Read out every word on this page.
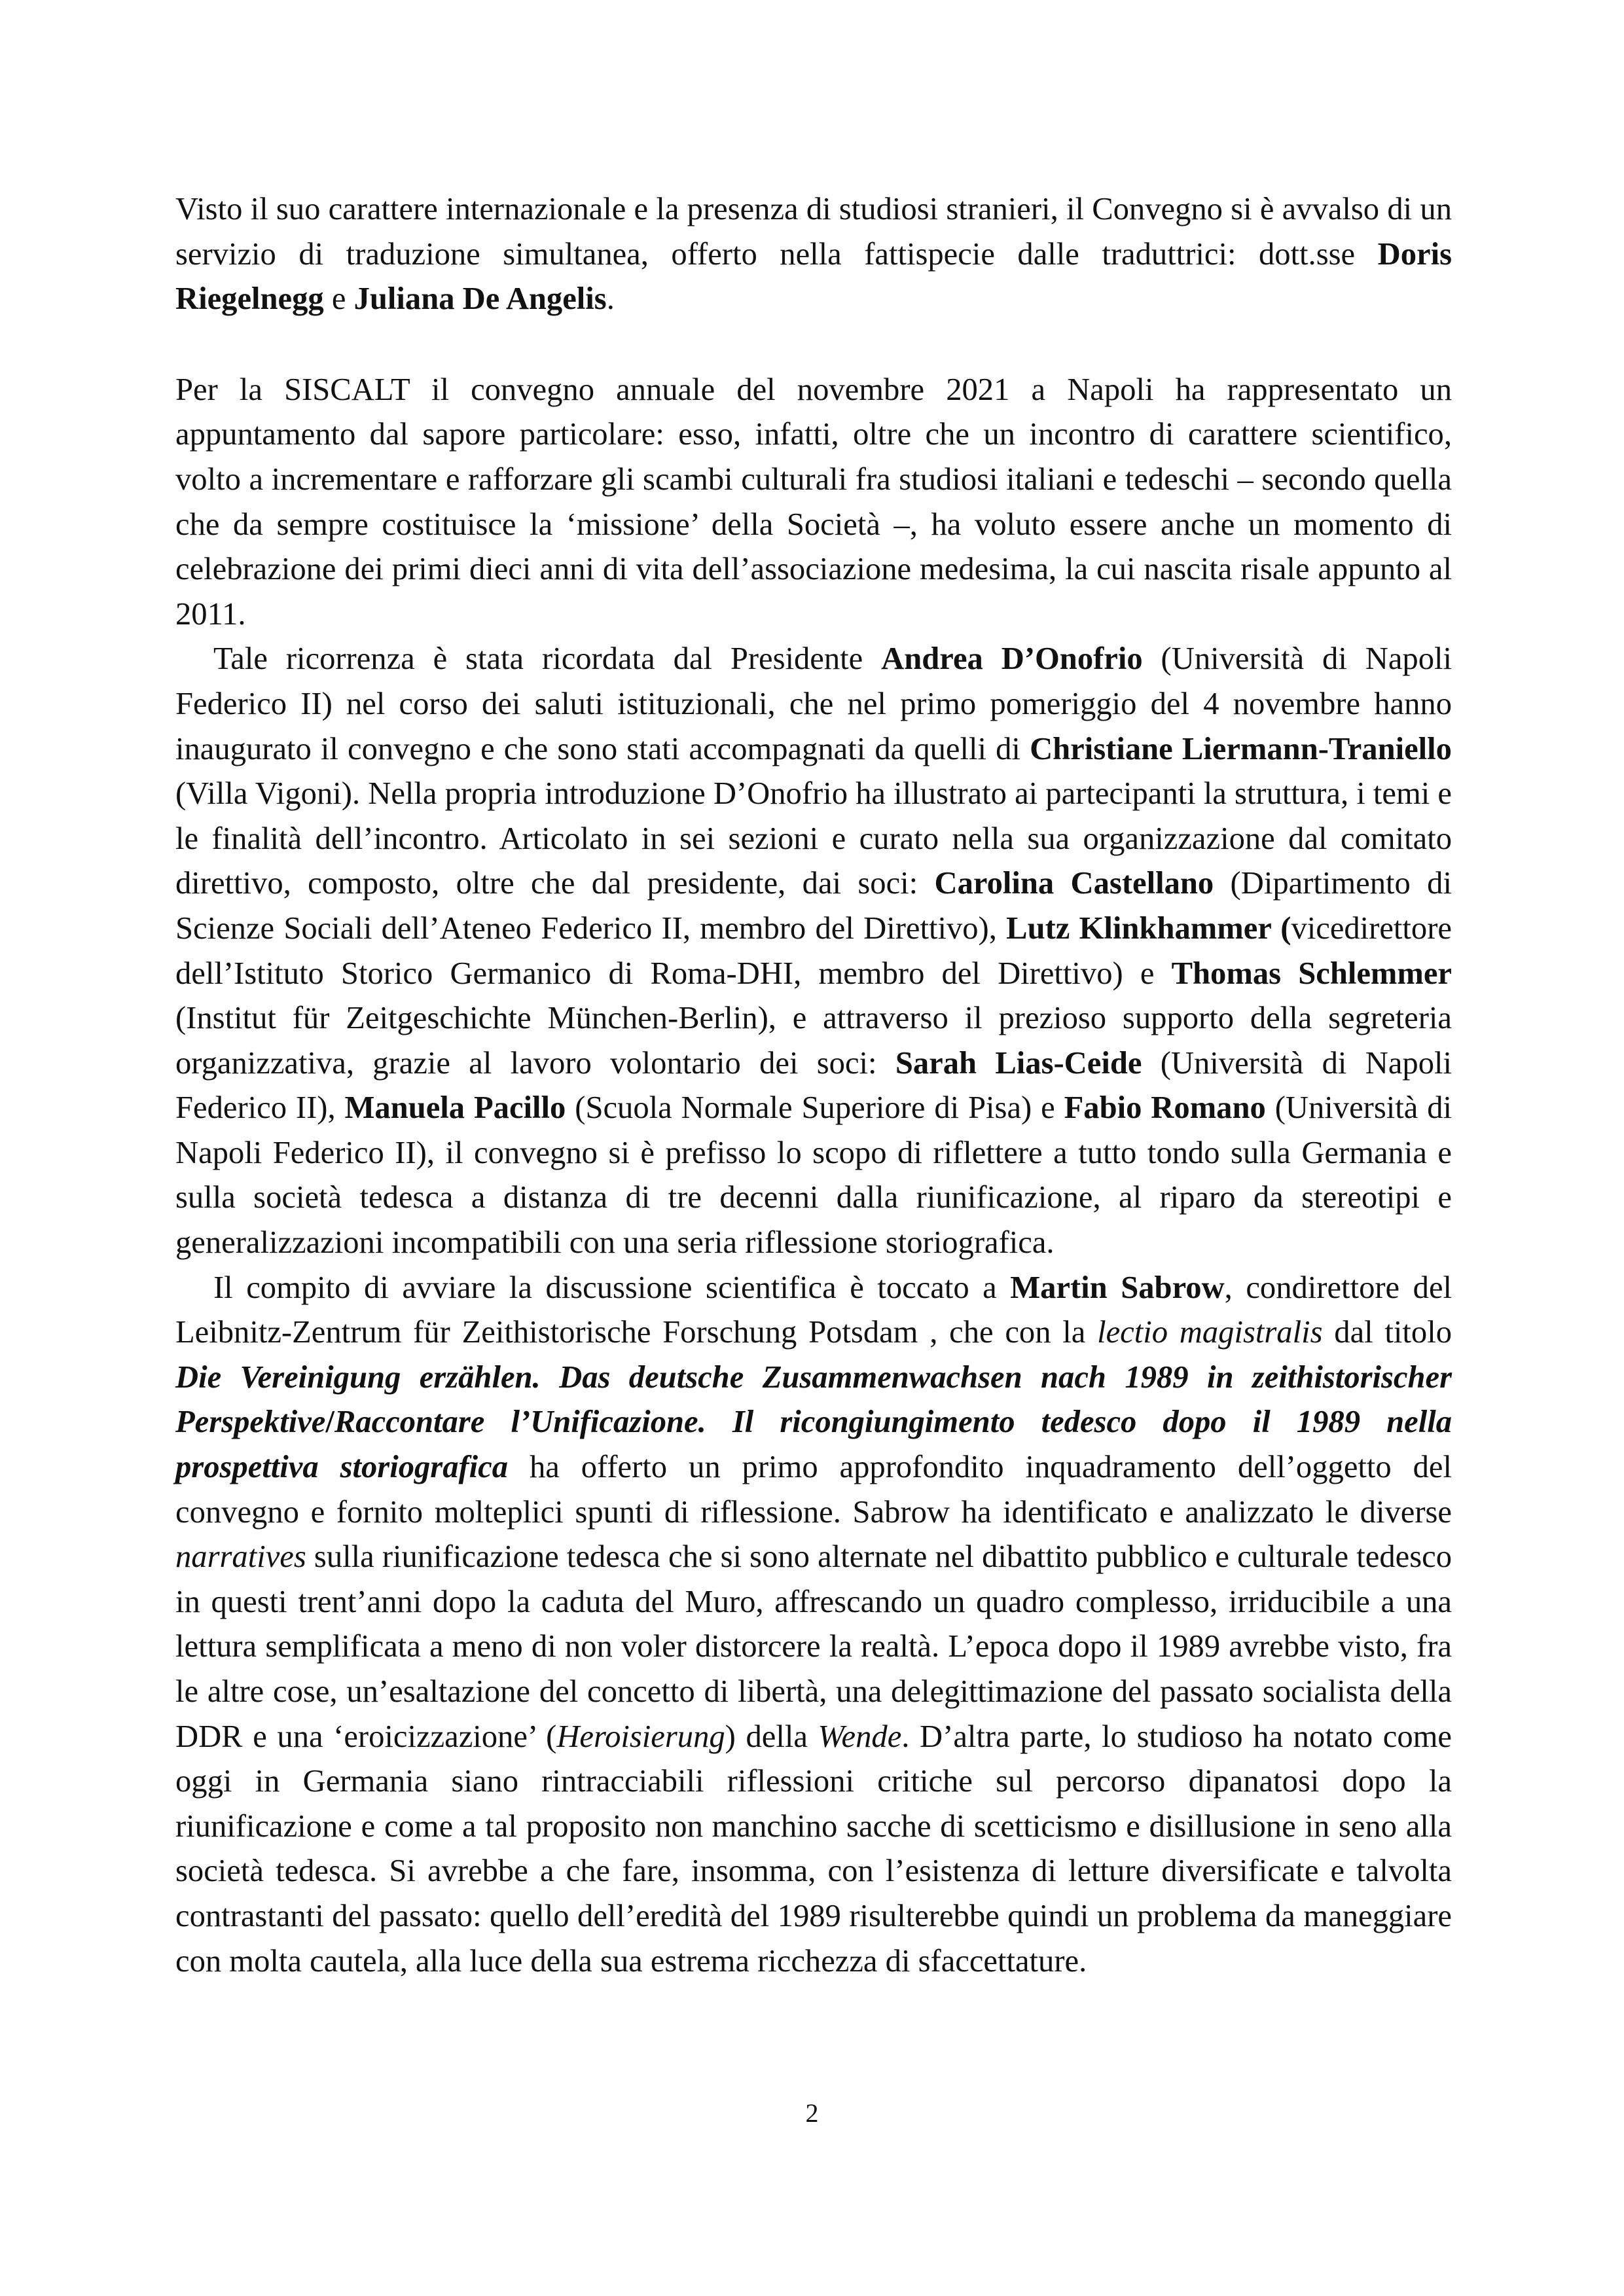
Visto il suo carattere internazionale e la presenza di studiosi stranieri, il Convegno si è avvalso di un servizio di traduzione simultanea, offerto nella fattispecie dalle traduttrici: dott.sse Doris Riegelnegg e Juliana De Angelis.

Per la SISCALT il convegno annuale del novembre 2021 a Napoli ha rappresentato un appuntamento dal sapore particolare: esso, infatti, oltre che un incontro di carattere scientifico, volto a incrementare e rafforzare gli scambi culturali fra studiosi italiani e tedeschi – secondo quella che da sempre costituisce la ‘missione’ della Società –, ha voluto essere anche un momento di celebrazione dei primi dieci anni di vita dell’associazione medesima, la cui nascita risale appunto al 2011.

Tale ricorrenza è stata ricordata dal Presidente Andrea D’Onofrio (Università di Napoli Federico II) nel corso dei saluti istituzionali, che nel primo pomeriggio del 4 novembre hanno inaugurato il convegno e che sono stati accompagnati da quelli di Christiane Liermann-Traniello (Villa Vigoni). Nella propria introduzione D’Onofrio ha illustrato ai partecipanti la struttura, i temi e le finalità dell’incontro. Articolato in sei sezioni e curato nella sua organizzazione dal comitato direttivo, composto, oltre che dal presidente, dai soci: Carolina Castellano (Dipartimento di Scienze Sociali dell’Ateneo Federico II, membro del Direttivo), Lutz Klinkhammer (vicedirettore dell’Istituto Storico Germanico di Roma-DHI, membro del Direttivo) e Thomas Schlemmer (Institut für Zeitgeschichte München-Berlin), e attraverso il prezioso supporto della segreteria organizzativa, grazie al lavoro volontario dei soci: Sarah Lias-Ceide (Università di Napoli Federico II), Manuela Pacillo (Scuola Normale Superiore di Pisa) e Fabio Romano (Università di Napoli Federico II), il convegno si è prefisso lo scopo di riflettere a tutto tondo sulla Germania e sulla società tedesca a distanza di tre decenni dalla riunificazione, al riparo da stereotipi e generalizzazioni incompatibili con una seria riflessione storiografica.

Il compito di avviare la discussione scientifica è toccato a Martin Sabrow, condirettore del Leibnitz-Zentrum für Zeithistorische Forschung Potsdam , che con la lectio magistralis dal titolo Die Vereinigung erzählen. Das deutsche Zusammenwachsen nach 1989 in zeithistorischer Perspektive/Raccontare l’Unificazione. Il ricongiungimento tedesco dopo il 1989 nella prospettiva storiografica ha offerto un primo approfondito inquadramento dell’oggetto del convegno e fornito molteplici spunti di riflessione. Sabrow ha identificato e analizzato le diverse narratives sulla riunificazione tedesca che si sono alternate nel dibattito pubblico e culturale tedesco in questi trent’anni dopo la caduta del Muro, affrescando un quadro complesso, irriducibile a una lettura semplificata a meno di non voler distorcere la realtà. L’epoca dopo il 1989 avrebbe visto, fra le altre cose, un’esaltazione del concetto di libertà, una delegittimazione del passato socialista della DDR e una ‘eroicizzazione’ (Heroisierung) della Wende. D’altra parte, lo studioso ha notato come oggi in Germania siano rintracciabili riflessioni critiche sul percorso dipanatosi dopo la riunificazione e come a tal proposito non manchino sacche di scetticismo e disillusione in seno alla società tedesca. Si avrebbe a che fare, insomma, con l’esistenza di letture diversificate e talvolta contrastanti del passato: quello dell’eredità del 1989 risulterebbe quindi un problema da maneggiare con molta cautela, alla luce della sua estrema ricchezza di sfaccettature.

2
